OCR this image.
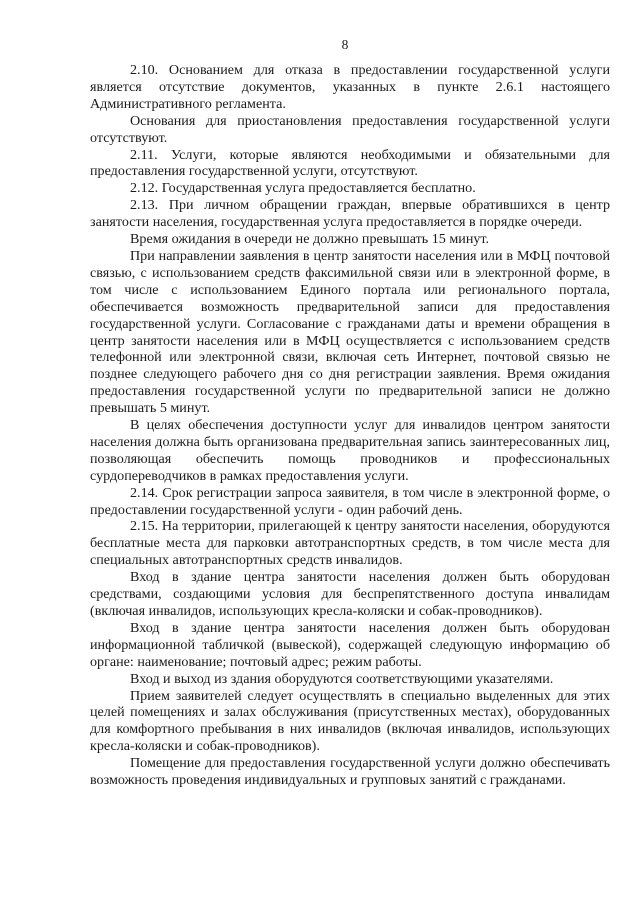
8

2.10. Основанием для отказа в предоставлении государственной услуги является отсутствие документов, указанных в пункте 2.6.1 настоящего Административного регламента.

Основания для приостановления предоставления государственной услуги отсутствуют.

2.11. Услуги, которые являются необходимыми и обязательными для предоставления государственной услуги, отсутствуют.

2.12. Государственная услуга предоставляется бесплатно.

2.13. При личном обращении граждан, впервые обратившихся в центр занятости населения, государственная услуга предоставляется в порядке очереди.

Время ожидания в очереди не должно превышать 15 минут.

При направлении заявления в центр занятости населения или в МФЦ почтовой связью, с использованием средств факсимильной связи или в электронной форме, в том числе с использованием Единого портала или регионального портала, обеспечивается возможность предварительной записи для предоставления государственной услуги. Согласование с гражданами даты и времени обращения в центр занятости населения или в МФЦ осуществляется с использованием средств телефонной или электронной связи, включая сеть Интернет, почтовой связью не позднее следующего рабочего дня со дня регистрации заявления. Время ожидания предоставления государственной услуги по предварительной записи не должно превышать 5 минут.

В целях обеспечения доступности услуг для инвалидов центром занятости населения должна быть организована предварительная запись заинтересованных лиц, позволяющая обеспечить помощь проводников и профессиональных сурдопереводчиков в рамках предоставления услуги.

2.14. Срок регистрации запроса заявителя, в том числе в электронной форме, о предоставлении государственной услуги - один рабочий день.

2.15. На территории, прилегающей к центру занятости населения, оборудуются бесплатные места для парковки автотранспортных средств, в том числе места для специальных автотранспортных средств инвалидов.

Вход в здание центра занятости населения должен быть оборудован средствами, создающими условия для беспрепятственного доступа инвалидам (включая инвалидов, использующих кресла-коляски и собак-проводников).

Вход в здание центра занятости населения должен быть оборудован информационной табличкой (вывеской), содержащей следующую информацию об органе: наименование; почтовый адрес; режим работы.

Вход и выход из здания оборудуются соответствующими указателями.

Прием заявителей следует осуществлять в специально выделенных для этих целей помещениях и залах обслуживания (присутственных местах), оборудованных для комфортного пребывания в них инвалидов (включая инвалидов, использующих кресла-коляски и собак-проводников).

Помещение для предоставления государственной услуги должно обеспечивать возможность проведения индивидуальных и групповых занятий с гражданами.
